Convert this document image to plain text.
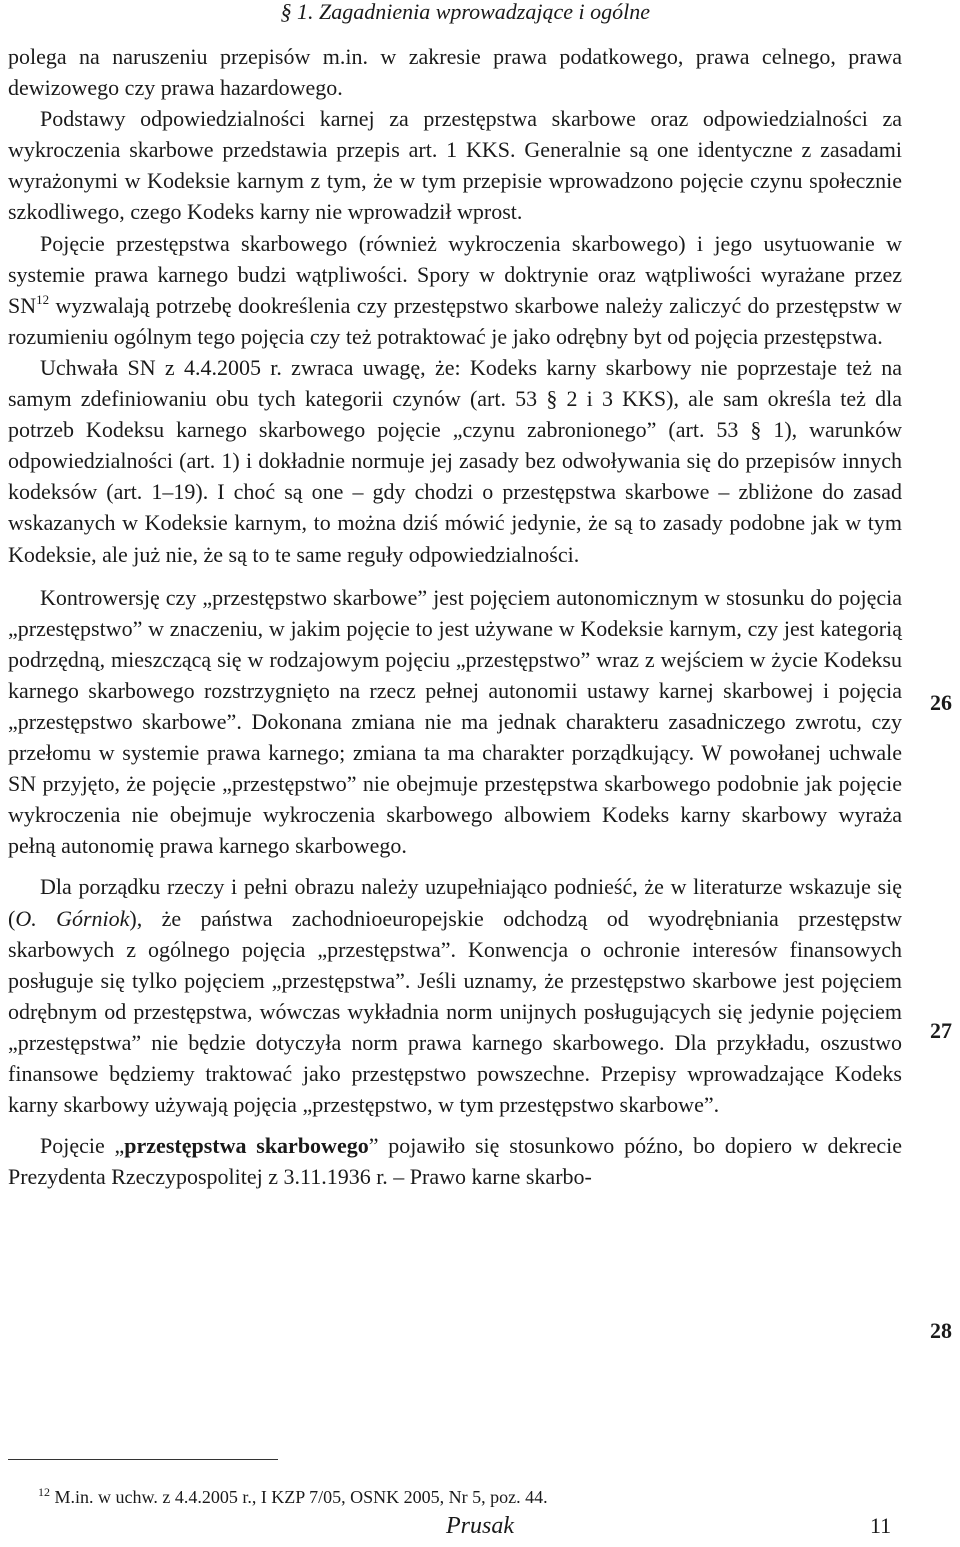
§ 1. Zagadnienia wprowadzające i ogólne

polega na naruszeniu przepisów m.in. w zakresie prawa podatkowego, prawa celnego, prawa dewizowego czy prawa hazardowego.

Podstawy odpowiedzialności karnej za przestępstwa skarbowe oraz odpowiedzialności za wykroczenia skarbowe przedstawia przepis art. 1 KKS. Generalnie są one identyczne z zasadami wyrażonymi w Kodeksie karnym z tym, że w tym przepisie wprowadzono pojęcie czynu społecznie szkodliwego, czego Kodeks karny nie wprowadził wprost.

Pojęcie przestępstwa skarbowego (również wykroczenia skarbowego) i jego usytuowanie w systemie prawa karnego budzi wątpliwości. Spory w doktrynie oraz wątpliwości wyrażane przez SN$^{12}$ wyzwalają potrzebę dookreślenia czy przestępstwo skarbowe należy zaliczyć do przestępstw w rozumieniu ogólnym tego pojęcia czy też potraktować je jako odrębny byt od pojęcia przestępstwa.

Uchwała SN z 4.4.2005 r. zwraca uwagę, że: Kodeks karny skarbowy nie poprzestaje też na samym zdefiniowaniu obu tych kategorii czynów (art. 53 § 2 i 3 KKS), ale sam określa też dla potrzeb Kodeksu karnego skarbowego pojęcie „czynu zabronionego” (art. 53 § 1), warunków odpowiedzialności (art. 1) i dokładnie normuje jej zasady bez odwoływania się do przepisów innych kodeksów (art. 1–19). I choć są one – gdy chodzi o przestępstwa skarbowe – zbliżone do zasad wskazanych w Kodeksie karnym, to można dziś mówić jedynie, że są to zasady podobne jak w tym Kodeksie, ale już nie, że są to te same reguły odpowiedzialności.

Kontrowersję czy „przestępstwo skarbowe” jest pojęciem autonomicznym w stosunku do pojęcia „przestępstwo” w znaczeniu, w jakim pojęcie to jest używane w Kodeksie karnym, czy jest kategorią podrzędną, mieszczącą się w rodzajowym pojęciu „przestępstwo” wraz z wejściem w życie Kodeksu karnego skarbowego rozstrzygnięto na rzecz pełnej autonomii ustawy karnej skarbowej i pojęcia „przestępstwo skarbowe”. Dokonana zmiana nie ma jednak charakteru zasadniczego zwrotu, czy przełomu w systemie prawa karnego; zmiana ta ma charakter porządkujący. W powołanej uchwale SN przyjęto, że pojęcie „przestępstwo” nie obejmuje przestępstwa skarbowego podobnie jak pojęcie wykroczenia nie obejmuje wykroczenia skarbowego albowiem Kodeks karny skarbowy wyraża pełną autonomię prawa karnego skarbowego.

Dla porządku rzeczy i pełni obrazu należy uzupełniająco podnieść, że w literaturze wskazuje się (O. Górniok), że państwa zachodnioeuropejskie odchodzą od wyodrębniania przestępstw skarbowych z ogólnego pojęcia „przestępstwa”. Konwencja o ochronie interesów finansowych posługuje się tylko pojęciem „przestępstwa”. Jeśli uznamy, że przestępstwo skarbowe jest pojęciem odrębnym od przestępstwa, wówczas wykładnia norm unijnych posługujących się jedynie pojęciem „przestępstwa” nie będzie dotyczyła norm prawa karnego skarbowego. Dla przykładu, oszustwo finansowe będziemy traktować jako przestępstwo powszechne. Przepisy wprowadzające Kodeks karny skarbowy używają pojęcia „przestępstwo, w tym przestępstwo skarbowe”.

Pojęcie „przestępstwa skarbowego” pojawiło się stosunkowo późno, bo dopiero w dekrecie Prezydenta Rzeczypospolitej z 3.11.1936 r. – Prawo karne skarbo-

26
27
28
$^{12}$ M.in. w uchw. z 4.4.2005 r., I KZP 7/05, OSNK 2005, Nr 5, poz. 44.
Prusak	11
